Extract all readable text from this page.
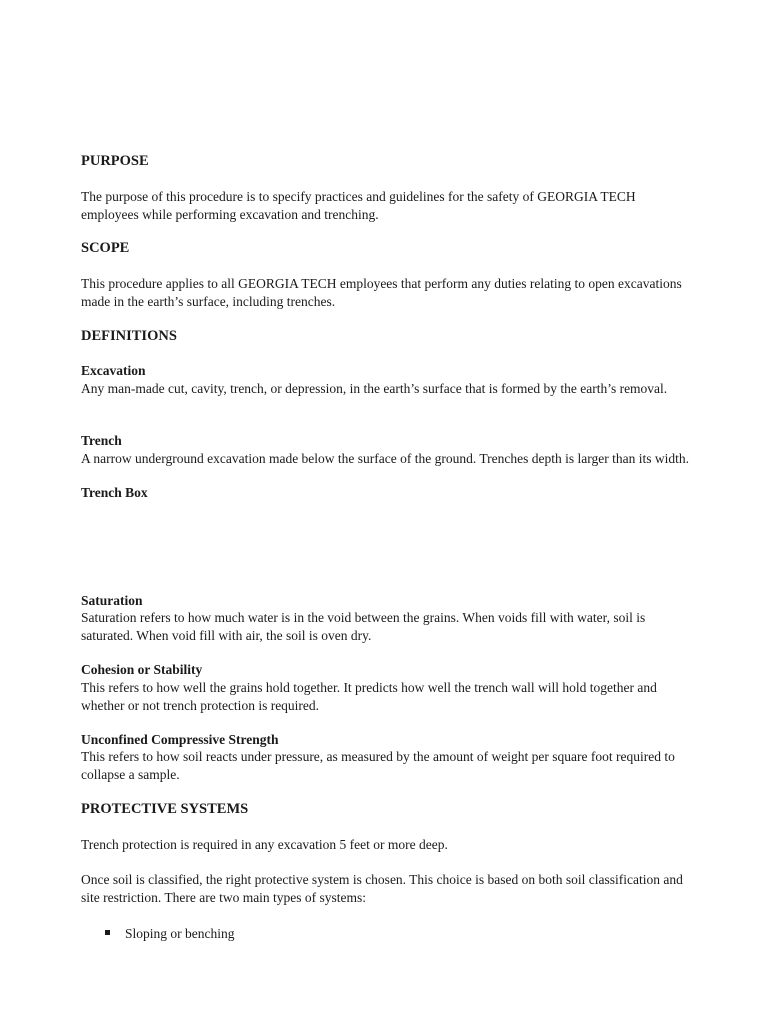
PURPOSE

The purpose of this procedure is to specify practices and guidelines for the safety of GEORGIA TECH employees while performing excavation and trenching.

SCOPE

This procedure applies to all GEORGIA TECH employees that perform any duties relating to open excavations made in the earth’s surface, including trenches.

DEFINITIONS
Excavation

Any man-made cut, cavity, trench, or depression, in the earth’s surface that is formed by the earth’s removal.

Trench

A narrow underground excavation made below the surface of the ground. Trenches depth is larger than its width.

Trench Box
Saturation

Saturation refers to how much water is in the void between the grains. When voids fill with water, soil is saturated. When void fill with air, the soil is oven dry.

Cohesion or Stability

This refers to how well the grains hold together. It predicts how well the trench wall will hold together and whether or not trench protection is required.

Unconfined Compressive Strength

This refers to how soil reacts under pressure, as measured by the amount of weight per square foot required to collapse a sample.

PROTECTIVE SYSTEMS

Trench protection is required in any excavation 5 feet or more deep.

Once soil is classified, the right protective system is chosen. This choice is based on both soil classification and site restriction. There are two main types of systems:

Sloping or benching
